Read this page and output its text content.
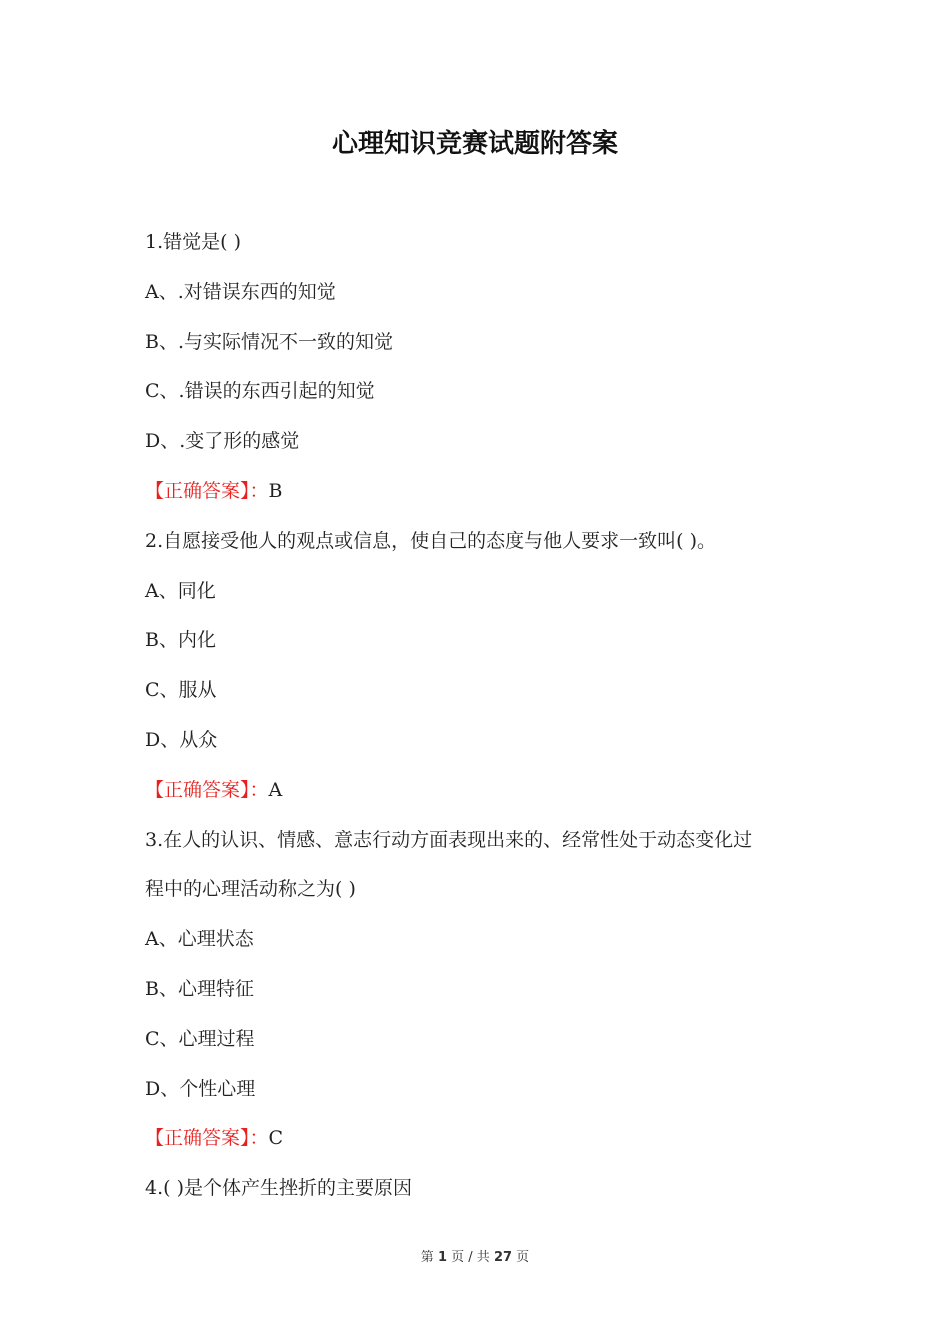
心理知识竞赛试题附答案
1.错觉是( )
A、.对错误东西的知觉
B、.与实际情况不一致的知觉
C、.错误的东西引起的知觉
D、.变了形的感觉
【正确答案】：B
2.自愿接受他人的观点或信息，使自己的态度与他人要求一致叫( )。
A、同化
B、内化
C、服从
D、从众
【正确答案】：A
3.在人的认识、情感、意志行动方面表现出来的、经常性处于动态变化过
程中的心理活动称之为( )
A、心理状态
B、心理特征
C、心理过程
D、个性心理
【正确答案】：C
4.( )是个体产生挫折的主要原因
第 1 页 / 共 27 页
